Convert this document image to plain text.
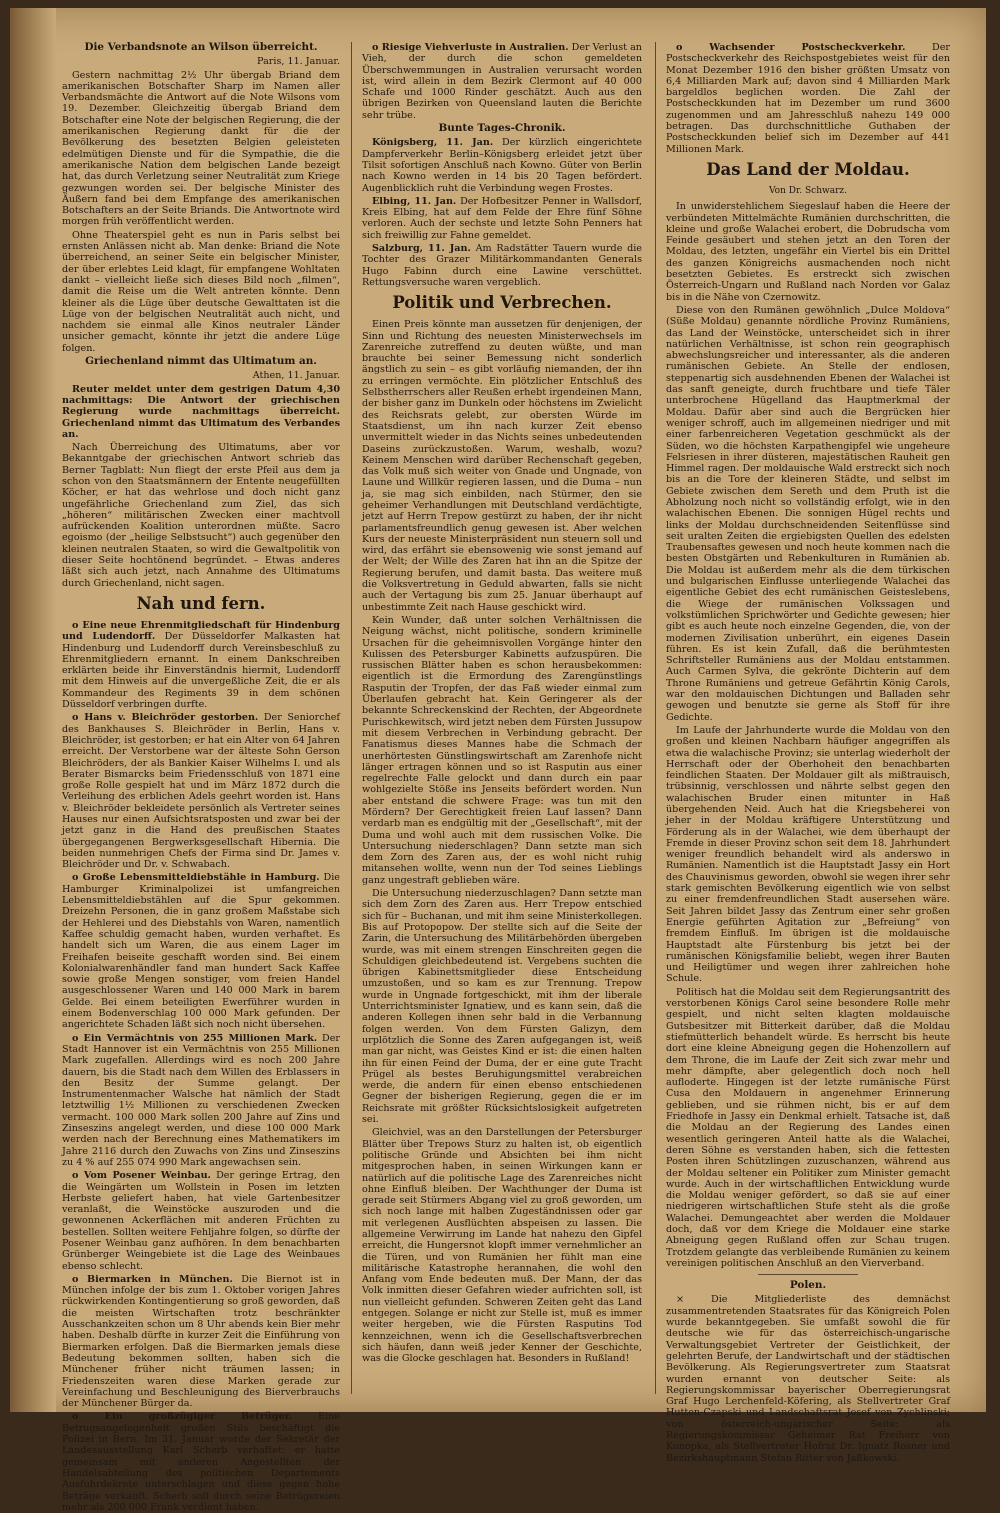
Die Verbandsnote an Wilson überreicht.
Paris, 11. Januar.

Gestern nachmittag 2½ Uhr übergab Briand dem amerikanischen Botschafter Sharp im Namen aller Verbandsmächte die Antwort auf die Note Wilsons vom 19. Dezember. Gleichzeitig übergab Briand dem Botschafter eine Note der belgischen Regierung, die der amerikanischen Regierung dankt für die der Bevölkerung des besetzten Belgien geleisteten edelmütigen Dienste und für die Sympathie, die die amerikanische Nation dem belgischen Lande bezeigt hat, das durch Verletzung seiner Neutralität zum Kriege gezwungen worden sei. Der belgische Minister des Äußern fand bei dem Empfange des amerikanischen Botschafters an der Seite Briands. Die Antwortnote wird morgen früh veröffentlicht werden.

Ohne Theaterspiel geht es nun in Paris selbst bei ernsten Anlässen nicht ab. Man denke: Briand die Note überreichend, an seiner Seite ein belgischer Minister, der über erlebtes Leid klagt, für empfangene Wohltaten dankt – vielleicht ließe sich dieses Bild noch „filmen“, damit die Reise um die Welt antreten könnte. Denn kleiner als die Lüge über deutsche Gewalttaten ist die Lüge von der belgischen Neutralität auch nicht, und nachdem sie einmal alle Kinos neutraler Länder unsicher gemacht, könnte ihr jetzt die andere Lüge folgen.

Griechenland nimmt das Ultimatum an.
Athen, 11. Januar.

Reuter meldet unter dem gestrigen Datum 4,30 nachmittags: Die Antwort der griechischen Regierung wurde nachmittags überreicht. Griechenland nimmt das Ultimatum des Verbandes an.

Nach Überreichung des Ultimatums, aber vor Bekanntgabe der griechischen Antwort schrieb das Berner Tagblatt: Nun fliegt der erste Pfeil aus dem ja schon von den Staatsmännern der Entente neugefüllten Köcher, er hat das wehrlose und doch nicht ganz ungefährliche Griechenland zum Ziel, das sich „höheren“ militärischen Zwecken einer machtvoll aufrückenden Koalition unterordnen müßte. Sacro egoismo (der „heilige Selbstsucht“) auch gegenüber den kleinen neutralen Staaten, so wird die Gewaltpolitik von dieser Seite hochtönend begründet. – Etwas anderes läßt sich auch jetzt, nach Annahme des Ultimatums durch Griechenland, nicht sagen.

Nah und fern.

o Eine neue Ehrenmitgliedschaft für Hindenburg und Ludendorff. Der Düsseldorfer Malkasten hat Hindenburg und Ludendorff durch Vereinsbeschluß zu Ehrenmitgliedern ernannt. In einem Dankschreiben erklärten beide ihr Einverständnis hiermit, Ludendorff mit dem Hinweis auf die unvergeßliche Zeit, die er als Kommandeur des Regiments 39 in dem schönen Düsseldorf verbringen durfte.

o Hans v. Bleichröder gestorben. Der Seniorchef des Bankhauses S. Bleichröder in Berlin, Hans v. Bleichröder, ist gestorben; er hat ein Alter von 64 Jahren erreicht. Der Verstorbene war der älteste Sohn Gerson Bleichröders, der als Bankier Kaiser Wilhelms I. und als Berater Bismarcks beim Friedensschluß von 1871 eine große Rolle gespielt hat und im März 1872 durch die Verleihung des erblichen Adels geehrt worden ist. Hans v. Bleichröder bekleidete persönlich als Vertreter seines Hauses nur einen Aufsichtsratsposten und zwar bei der jetzt ganz in die Hand des preußischen Staates übergegangenen Bergwerksgesellschaft Hibernia. Die beiden nunmehrigen Chefs der Firma sind Dr. James v. Bleichröder und Dr. v. Schwabach.

o Große Lebensmitteldiebstähle in Hamburg. Die Hamburger Kriminalpolizei ist umfangreichen Lebensmitteldiebstählen auf die Spur gekommen. Dreizehn Personen, die in ganz großem Maßstabe sich der Hehlerei und des Diebstahls von Waren, namentlich Kaffee schuldig gemacht haben, wurden verhaftet. Es handelt sich um Waren, die aus einem Lager im Freihafen beiseite geschafft worden sind. Bei einem Kolonialwarenhändler fand man hundert Sack Kaffee sowie große Mengen sonstiger, vom freien Handel ausgeschlossener Waren und 140 000 Mark in barem Gelde. Bei einem beteiligten Ewerführer wurden in einem Bodenverschlag 100 000 Mark gefunden. Der angerichtete Schaden läßt sich noch nicht übersehen.

o Ein Vermächtnis von 255 Millionen Mark. Der Stadt Hannover ist ein Vermächtnis von 255 Millionen Mark zugefallen. Allerdings wird es noch 200 Jahre dauern, bis die Stadt nach dem Willen des Erblassers in den Besitz der Summe gelangt. Der Instrumentenmacher Walsche hat nämlich der Stadt letztwillig 1½ Millionen zu verschiedenen Zwecken vermacht. 100 000 Mark sollen 200 Jahre auf Zins und Zinseszins angelegt werden, und diese 100 000 Mark werden nach der Berechnung eines Mathematikers im Jahre 2116 durch den Zuwachs von Zins und Zinseszins zu 4 % auf 255 074 990 Mark angewachsen sein.

o Vom Posener Weinbau. Der geringe Ertrag, den die Weingärten um Wollstein in Posen im letzten Herbste geliefert haben, hat viele Gartenbesitzer veranlaßt, die Weinstöcke auszuroden und die gewonnenen Ackerflächen mit anderen Früchten zu bestellen. Sollten weitere Fehljahre folgen, so dürfte der Posener Weinbau ganz aufhören. In dem benachbarten Grünberger Weingebiete ist die Lage des Weinbaues ebenso schlecht.

o Biermarken in München. Die Biernot ist in München infolge der bis zum 1. Oktober vorigen Jahres rückwirkenden Kontingentierung so groß geworden, daß die meisten Wirtschaften trotz beschränkter Ausschankzeiten schon um 8 Uhr abends kein Bier mehr haben. Deshalb dürfte in kurzer Zeit die Einführung von Biermarken erfolgen. Daß die Biermarken jemals diese Bedeutung bekommen sollten, haben sich die Münchener früher nicht träumen lassen; in Friedenszeiten waren diese Marken gerade zur Vereinfachung und Beschleunigung des Bierverbrauchs der Münchener Bürger da.

o Ein großzügiger Betrüger.	Eine Betrugsangelegenheit großen Stils beschäftigt die Polizei in Bern. Im 31. Januar wurde der Sekretär der Landesausstellung Karl Scherb verhaftet: er hatte gemeinsam mit anderen Angestellten der Handelsabteilung des politischen Departements Ausfuhrdekrete unterschlagen und diese gegen hohe Beträge verkauft. Scherb soll durch seine Betrügereien mehr als 200 000 Frank verdient haben.

o Riesige Viehverluste in Australien. Der Verlust an Vieh, der durch die schon gemeldeten Überschwemmungen in Australien verursacht worden ist, wird allein in dem Bezirk Clermont auf 40 000 Schafe und 1000 Rinder geschätzt. Auch aus den übrigen Bezirken von Queensland lauten die Berichte sehr trübe.

Bunte Tages-Chronik.

Königsberg, 11. Jan. Der kürzlich eingerichtete Dampferverkehr Berlin–Königsberg erleidet jetzt über Tilsit sofortigen Anschluß nach Kowno. Güter von Berlin nach Kowno werden in 14 bis 20 Tagen befördert. Augenblicklich ruht die Verbindung wegen Frostes.

Elbing, 11. Jan. Der Hofbesitzer Penner in Wallsdorf, Kreis Elbing, hat auf dem Felde der Ehre fünf Söhne verloren. Auch der sechste und letzte Sohn Penners hat sich freiwillig zur Fahne gemeldet.

Salzburg, 11. Jan. Am Radstätter Tauern wurde die Tochter des Grazer Militärkommandanten Generals Hugo Fabinn durch eine Lawine verschüttet. Rettungsversuche waren vergeblich.

Politik und Verbrechen.

Einen Preis könnte man aussetzen für denjenigen, der Sinn und Richtung des neuesten Ministerwechsels im Zarenreiche zutreffend zu deuten wüßte, und man brauchte bei seiner Bemessung nicht sonderlich ängstlich zu sein – es gibt vorläufig niemanden, der ihn zu erringen vermöchte. Ein plötzlicher Entschluß des Selbstherrschers aller Reußen erhebt irgendeinen Mann, der bisher ganz im Dunkeln oder höchstens im Zwielicht des Reichsrats gelebt, zur obersten Würde im Staatsdienst, um ihn nach kurzer Zeit ebenso unvermittelt wieder in das Nichts seines unbedeutenden Daseins zurückzustoßen. Warum, weshalb, wozu? Keinem Menschen wird darüber Rechenschaft gegeben, das Volk muß sich weiter von Gnade und Ungnade, von Laune und Willkür regieren lassen, und die Duma – nun ja, sie mag sich einbilden, nach Stürmer, den sie geheimer Verhandlungen mit Deutschland verdächtigte, jetzt auf Herrn Trepow gestürzt zu haben, der ihr nicht parlamentsfreundlich genug gewesen ist. Aber welchen Kurs der neueste Ministerpräsident nun steuern soll und wird, das erfährt sie ebensowenig wie sonst jemand auf der Welt; der Wille des Zaren hat ihn an die Spitze der Regierung berufen, und damit basta. Das weitere muß die Volksvertretung in Geduld abwarten, falls sie nicht auch der Vertagung bis zum 25. Januar überhaupt auf unbestimmte Zeit nach Hause geschickt wird.

Kein Wunder, daß unter solchen Verhältnissen die Neigung wächst, nicht politische, sondern kriminelle Ursachen für die geheimnisvollen Vorgänge hinter den Kulissen des Petersburger Kabinetts aufzuspüren. Die russischen Blätter haben es schon herausbekommen: eigentlich ist die Ermordung des Zarengünstlings Rasputin der Tropfen, der das Faß wieder einmal zum Überlaufen gebracht hat. Kein Geringerer als der bekannte Schreckenskind der Rechten, der Abgeordnete Purischkewitsch, wird jetzt neben dem Fürsten Jussupow mit diesem Verbrechen in Verbindung gebracht. Der Fanatismus dieses Mannes habe die Schmach der unerhörtesten Günstlingswirtschaft am Zarenhofe nicht länger ertragen können und so ist Rasputin aus einer regelrechte Falle gelockt und dann durch ein paar wohlgezielte Stöße ins Jenseits befördert worden. Nun aber entstand die schwere Frage: was tun mit den Mördern? Der Gerechtigkeit freien Lauf lassen? Dann verdarb man es endgültig mit der „Gesellschaft“, mit der Duma und wohl auch mit dem russischen Volke. Die Untersuchung niederschlagen? Dann setzte man sich dem Zorn des Zaren aus, der es wohl nicht ruhig mitansehen wollte, wenn nun der Tod seines Lieblings ganz ungestraft geblieben wäre.

Die Untersuchung niederzuschlagen? Dann setzte man sich dem Zorn des Zaren aus. Herr Trepow entschied sich für – Buchanan, und mit ihm seine Ministerkollegen. Bis auf Protopopow. Der stellte sich auf die Seite der Zarin, die Untersuchung des Militärbehörden übergeben wurde, was mit einem strengen Einschreiten gegen die Schuldigen gleichbedeutend ist. Vergebens suchten die übrigen Kabinettsmitglieder diese Entscheidung umzustoßen, und so kam es zur Trennung. Trepow wurde in Ungnade fortgeschickt, mit ihm der liberale Unterrichtsminister Ignatiew, und es kann sein, daß die anderen Kollegen ihnen sehr bald in die Verbannung folgen werden. Von dem Fürsten Galizyn, dem urplötzlich die Sonne des Zaren aufgegangen ist, weiß man gar nicht, was Geistes Kind er ist: die einen halten ihn für einen Feind der Duma, der er eine gute Tracht Prügel als bestes Beruhigungsmittel verabreichen werde, die andern für einen ebenso entschiedenen Gegner der bisherigen Regierung, gegen die er im Reichsrate mit größter Rücksichtslosigkeit aufgetreten sei.

Gleichviel, was an den Darstellungen der Petersburger Blätter über Trepows Sturz zu halten ist, ob eigentlich politische Gründe und Absichten bei ihm nicht mitgesprochen haben, in seinen Wirkungen kann er natürlich auf die politische Lage des Zarenreiches nicht ohne Einfluß bleiben. Der Wachthunger der Duma ist gerade seit Stürmers Abgang viel zu groß geworden, um sich noch lange mit halben Zugeständnissen oder gar mit verlegenen Ausflüchten abspeisen zu lassen. Die allgemeine Verwirrung im Lande hat nahezu den Gipfel erreicht, die Hungersnot klopft immer vernehmlicher an die Türen, und von Rumänien her fühlt man eine militärische Katastrophe herannahen, die wohl den Anfang vom Ende bedeuten muß. Der Mann, der das Volk inmitten dieser Gefahren wieder aufrichten soll, ist nun vielleicht gefunden. Schweren Zeiten geht das Land entgegen. Solange er nicht zur Stelle ist, muß es immer weiter hergeben, wie die Fürsten Rasputins Tod kennzeichnen, wenn ich die Gesellschaftsverbrechen sich häufen, dann weiß jeder Kenner der Geschichte, was die Glocke geschlagen hat. Besonders in Rußland!

o Wachsender Postscheckverkehr.	Der Postscheckverkehr des Reichspostgebietes weist für den Monat Dezember 1916 den bisher größten Umsatz von 6,4 Milliarden Mark auf; davon sind 4 Milliarden Mark bargeldlos beglichen worden. Die Zahl der Postscheckkunden hat im Dezember um rund 3600 zugenommen und am Jahresschluß nahezu 149 000 betragen. Das durchschnittliche Guthaben der Postscheckkunden belief sich im Dezember auf 441 Millionen Mark.

Das Land der Moldau.
Von Dr. Schwarz.

In unwiderstehlichem Siegeslauf haben die Heere der verbündeten Mittelmächte Rumänien durchschritten, die kleine und große Walachei erobert, die Dobrudscha vom Feinde gesäubert und stehen jetzt an den Toren der Moldau, des letzten, ungefähr ein Viertel bis ein Drittel des ganzen Königreichs ausmachenden noch nicht besetzten Gebietes. Es erstreckt sich zwischen Österreich-Ungarn und Rußland nach Norden vor Galaz bis in die Nähe von Czernowitz.

Diese von den Rumänen gewöhnlich „Dulce Moldova“ (Süße Moldau) genannte nördliche Provinz Rumäniens, das Land der Weinstöcke, unterscheidet sich in ihrer natürlichen Verhältnisse, ist schon rein geographisch abwechslungsreicher und interessanter, als die anderen rumänischen Gebiete. An Stelle der endlosen, steppenartig sich ausdehnenden Ebenen der Walachei ist das sanft geneigte, durch fruchtbare und tiefe Täler unterbrochene Hügelland das Hauptmerkmal der Moldau. Dafür aber sind auch die Bergrücken hier weniger schroff, auch im allgemeinen niedriger und mit einer farbenreicheren Vegetation geschmückt als der Süden, wo die höchsten Karpathengipfel wie ungeheure Felsriesen in ihrer düsteren, majestätischen Rauheit gen Himmel ragen. Der moldauische Wald erstreckt sich noch bis an die Tore der kleineren Städte, und selbst im Gebiete zwischen dem Sereth und dem Pruth ist die Abholzung noch nicht so vollständig erfolgt, wie in den walachischen Ebenen. Die sonnigen Hügel rechts und links der Moldau durchschneidenden Seitenflüsse sind seit uralten Zeiten die ergiebigsten Quellen des edelsten Traubensaftes gewesen und noch heute kommen nach die besten Obstgärten und Rebenkulturen in Rumänien ab. Die Moldau ist außerdem mehr als die dem türkischen und bulgarischen Einflusse unterliegende Walachei das eigentliche Gebiet des echt rumänischen Geisteslebens, die Wiege der rumänischen Volkssagen und volkstümlichen Sprichwörter und Gedichte gewesen; hier gibt es auch heute noch einzelne Gegenden, die, von der modernen Zivilisation unberührt, ein eigenes Dasein führen. Es ist kein Zufall, daß die berühmtesten Schriftsteller Rumäniens aus der Moldau entstammen. Auch Carmen Sylva, die gekrönte Dichterin auf dem Throne Rumäniens und getreue Gefährtin König Carols, war den moldauischen Dichtungen und Balladen sehr gewogen und benutzte sie gerne als Stoff für ihre Gedichte.

Im Laufe der Jahrhunderte wurde die Moldau von den großen und kleinen Nachbarn häufiger angegriffen als etwa die walachische Provinz; sie unterlag wiederholt der Herrschaft oder der Oberhoheit den benachbarten feindlichen Staaten. Der Moldauer gilt als mißtrauisch, trübsinnig, verschlossen und nährte selbst gegen den walachischen Bruder einen mitunter in Haß übergehenden Neid. Auch hat die Kriegsbeherei von jeher in der Moldau kräftigere Unterstützung und Förderung als in der Walachei, wie dem überhaupt der Fremde in dieser Provinz schon seit dem 18. Jahrhundert weniger freundlich behandelt wird als anderswo in Rumänien. Namentlich ist die Hauptstadt Jassy ein Hort des Chauvinismus geworden, obwohl sie wegen ihrer sehr stark gemischten Bevölkerung eigentlich wie von selbst zu einer fremdenfreundlichen Stadt ausersehen wäre. Seit Jahren bildet Jassy das Zentrum einer sehr großen Energie geführten Agitation zur „Befreiung“ von fremdem Einfluß. Im übrigen ist die moldauische Hauptstadt alte Fürstenburg bis jetzt bei der rumänischen Königsfamilie beliebt, wegen ihrer Bauten und Heiligtümer und wegen ihrer zahlreichen hohe Schule.

Politisch hat die Moldau seit dem Regierungsantritt des verstorbenen Königs Carol seine besondere Rolle mehr gespielt, und nicht selten klagten moldauische Gutsbesitzer mit Bitterkeit darüber, daß die Moldau stiefmütterlich behandelt würde. Es herrscht bis heute dort eine kleine Abneigung gegen die Hohenzollern auf dem Throne, die im Laufe der Zeit sich zwar mehr und mehr dämpfte, aber gelegentlich doch noch hell aufloderte. Hingegen ist der letzte rumänische Fürst Cusa den Moldauern in angenehmer Erinnerung geblieben, und sie rühmen nicht, bis er auf dem Friedhofe in Jassy ein Denkmal erhielt. Tatsache ist, daß die Moldau an der Regierung des Landes einen wesentlich geringeren Anteil hatte als die Walachei, deren Söhne es verstanden haben, sich die fettesten Posten ihren Schützlingen zuzuschanzen, während aus der Moldau seltener ein Politiker zum Minister gemacht wurde. Auch in der wirtschaftlichen Entwicklung wurde die Moldau weniger gefördert, so daß sie auf einer niedrigeren wirtschaftlichen Stufe steht als die große Walachei. Demungeachtet aber werden die Moldauer doch, daß vor dem Kriege die Moldauer eine starke Abneigung gegen Rußland offen zur Schau trugen. Trotzdem gelangte das verbleibende Rumänien zu keinem vereinigen politischen Anschluß an den Vierverband.

Polen.

× Die Mitgliederliste des demnächst zusammentretenden Staatsrates für das Königreich Polen wurde bekanntgegeben. Sie umfaßt sowohl die für deutsche wie für das österreichisch-ungarische Verwaltungsgebiet Vertreter der Geistlichkeit, der gelehrten Berufe, der Landwirtschaft und der städtischen Bevölkerung. Als Regierungsvertreter zum Staatsrat wurden ernannt von deutscher Seite: als Regierungskommissar bayerischer Oberregierungsrat Graf Hugo Lerchenfeld-Köfering, als Stellvertreter Graf Hutten-Czapski und Landschaftsrat Josef von Zychlinski; von österreich-ungarischer Seite: als Regierungskommissar Geheimer Rat Freiherr von Konopka, als Stellvertreter Hofrat Dr. Ignatz Rosner und Bezirkshauptmann Stefan Ritter von Jaßkowski.
